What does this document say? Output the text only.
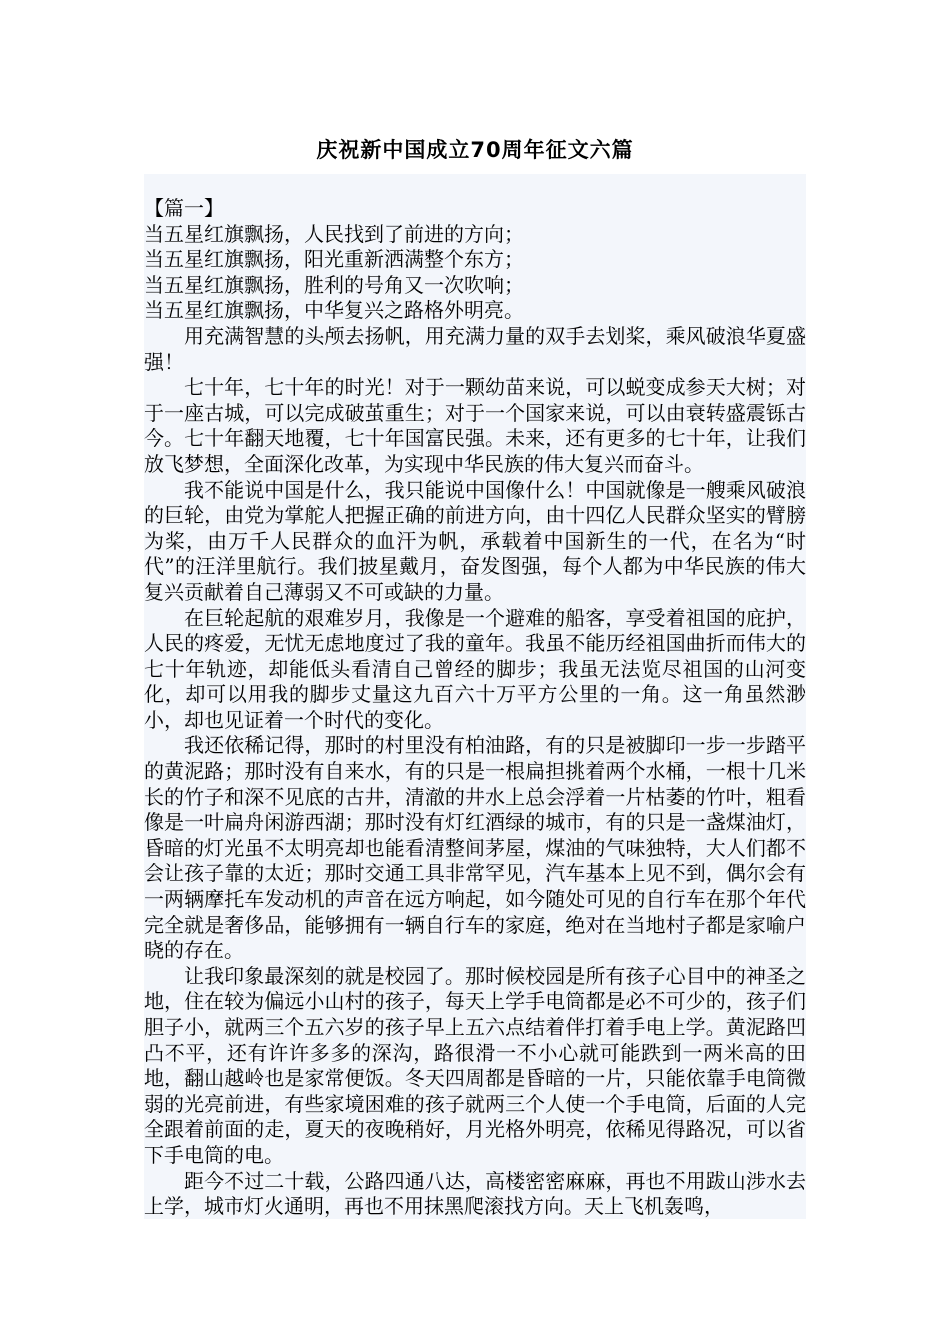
庆祝新中国成立70周年征文六篇

【篇一】

当五星红旗飘扬，人民找到了前进的方向；

当五星红旗飘扬，阳光重新洒满整个东方；

当五星红旗飘扬，胜利的号角又一次吹响；

当五星红旗飘扬，中华复兴之路格外明亮。

用充满智慧的头颅去扬帆，用充满力量的双手去划桨，乘风破浪华夏盛强！

七十年，七十年的时光！对于一颗幼苗来说，可以蜕变成参天大树；对于一座古城，可以完成破茧重生；对于一个国家来说，可以由衰转盛震铄古今。七十年翻天地覆，七十年国富民强。未来，还有更多的七十年，让我们放飞梦想，全面深化改革，为实现中华民族的伟大复兴而奋斗。

我不能说中国是什么，我只能说中国像什么！中国就像是一艘乘风破浪的巨轮，由党为掌舵人把握正确的前进方向，由十四亿人民群众坚实的臂膀为桨，由万千人民群众的血汗为帆，承载着中国新生的一代，在名为“时代”的汪洋里航行。我们披星戴月，奋发图强，每个人都为中华民族的伟大复兴贡献着自己薄弱又不可或缺的力量。

在巨轮起航的艰难岁月，我像是一个避难的船客，享受着祖国的庇护，人民的疼爱，无忧无虑地度过了我的童年。我虽不能历经祖国曲折而伟大的七十年轨迹，却能低头看清自己曾经的脚步；我虽无法览尽祖国的山河变化，却可以用我的脚步丈量这九百六十万平方公里的一角。这一角虽然渺小，却也见证着一个时代的变化。

我还依稀记得，那时的村里没有柏油路，有的只是被脚印一步一步踏平的黄泥路；那时没有自来水，有的只是一根扁担挑着两个水桶，一根十几米长的竹子和深不见底的古井，清澈的井水上总会浮着一片枯萎的竹叶，粗看像是一叶扁舟闲游西湖；那时没有灯红酒绿的城市，有的只是一盏煤油灯，昏暗的灯光虽不太明亮却也能看清整间茅屋，煤油的气味独特，大人们都不会让孩子靠的太近；那时交通工具非常罕见，汽车基本上见不到，偶尔会有一两辆摩托车发动机的声音在远方响起，如今随处可见的自行车在那个年代完全就是奢侈品，能够拥有一辆自行车的家庭，绝对在当地村子都是家喻户晓的存在。

让我印象最深刻的就是校园了。那时候校园是所有孩子心目中的神圣之地，住在较为偏远小山村的孩子，每天上学手电筒都是必不可少的，孩子们胆子小，就两三个五六岁的孩子早上五六点结着伴打着手电上学。黄泥路凹凸不平，还有许许多多的深沟，路很滑一不小心就可能跌到一两米高的田地，翻山越岭也是家常便饭。冬天四周都是昏暗的一片，只能依靠手电筒微弱的光亮前进，有些家境困难的孩子就两三个人使一个手电筒，后面的人完全跟着前面的走，夏天的夜晚稍好，月光格外明亮，依稀见得路况，可以省下手电筒的电。

距今不过二十载，公路四通八达，高楼密密麻麻，再也不用跋山涉水去上学，城市灯火通明，再也不用抹黑爬滚找方向。天上飞机轰鸣，
